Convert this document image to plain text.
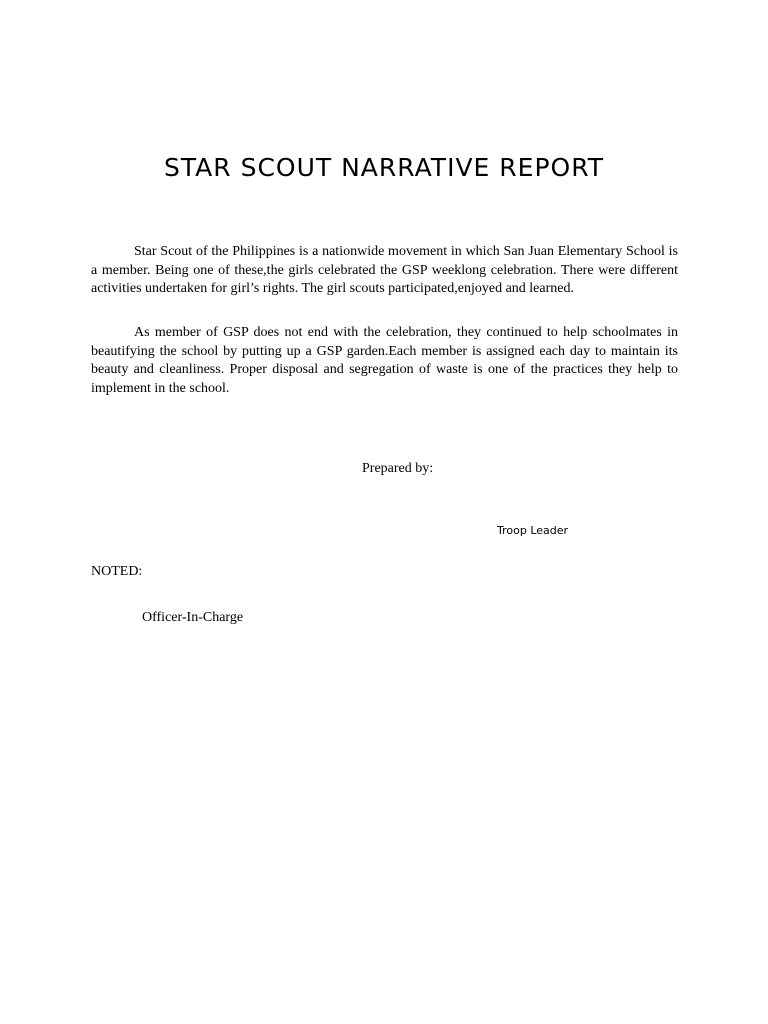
STAR SCOUT NARRATIVE REPORT

Star Scout of the Philippines is a nationwide movement in which San Juan Elementary School is a member. Being one of these,the girls celebrated the GSP weeklong celebration. There were different activities undertaken for girl’s rights. The girl scouts participated,enjoyed and learned.

As member of GSP does not end with the celebration, they continued to help schoolmates in beautifying the school by putting up a GSP garden.Each member is assigned each day to maintain its beauty and cleanliness. Proper disposal and segregation of waste is one of the practices they help to implement in the school.

Prepared by:
Troop Leader
NOTED:
Officer-In-Charge
